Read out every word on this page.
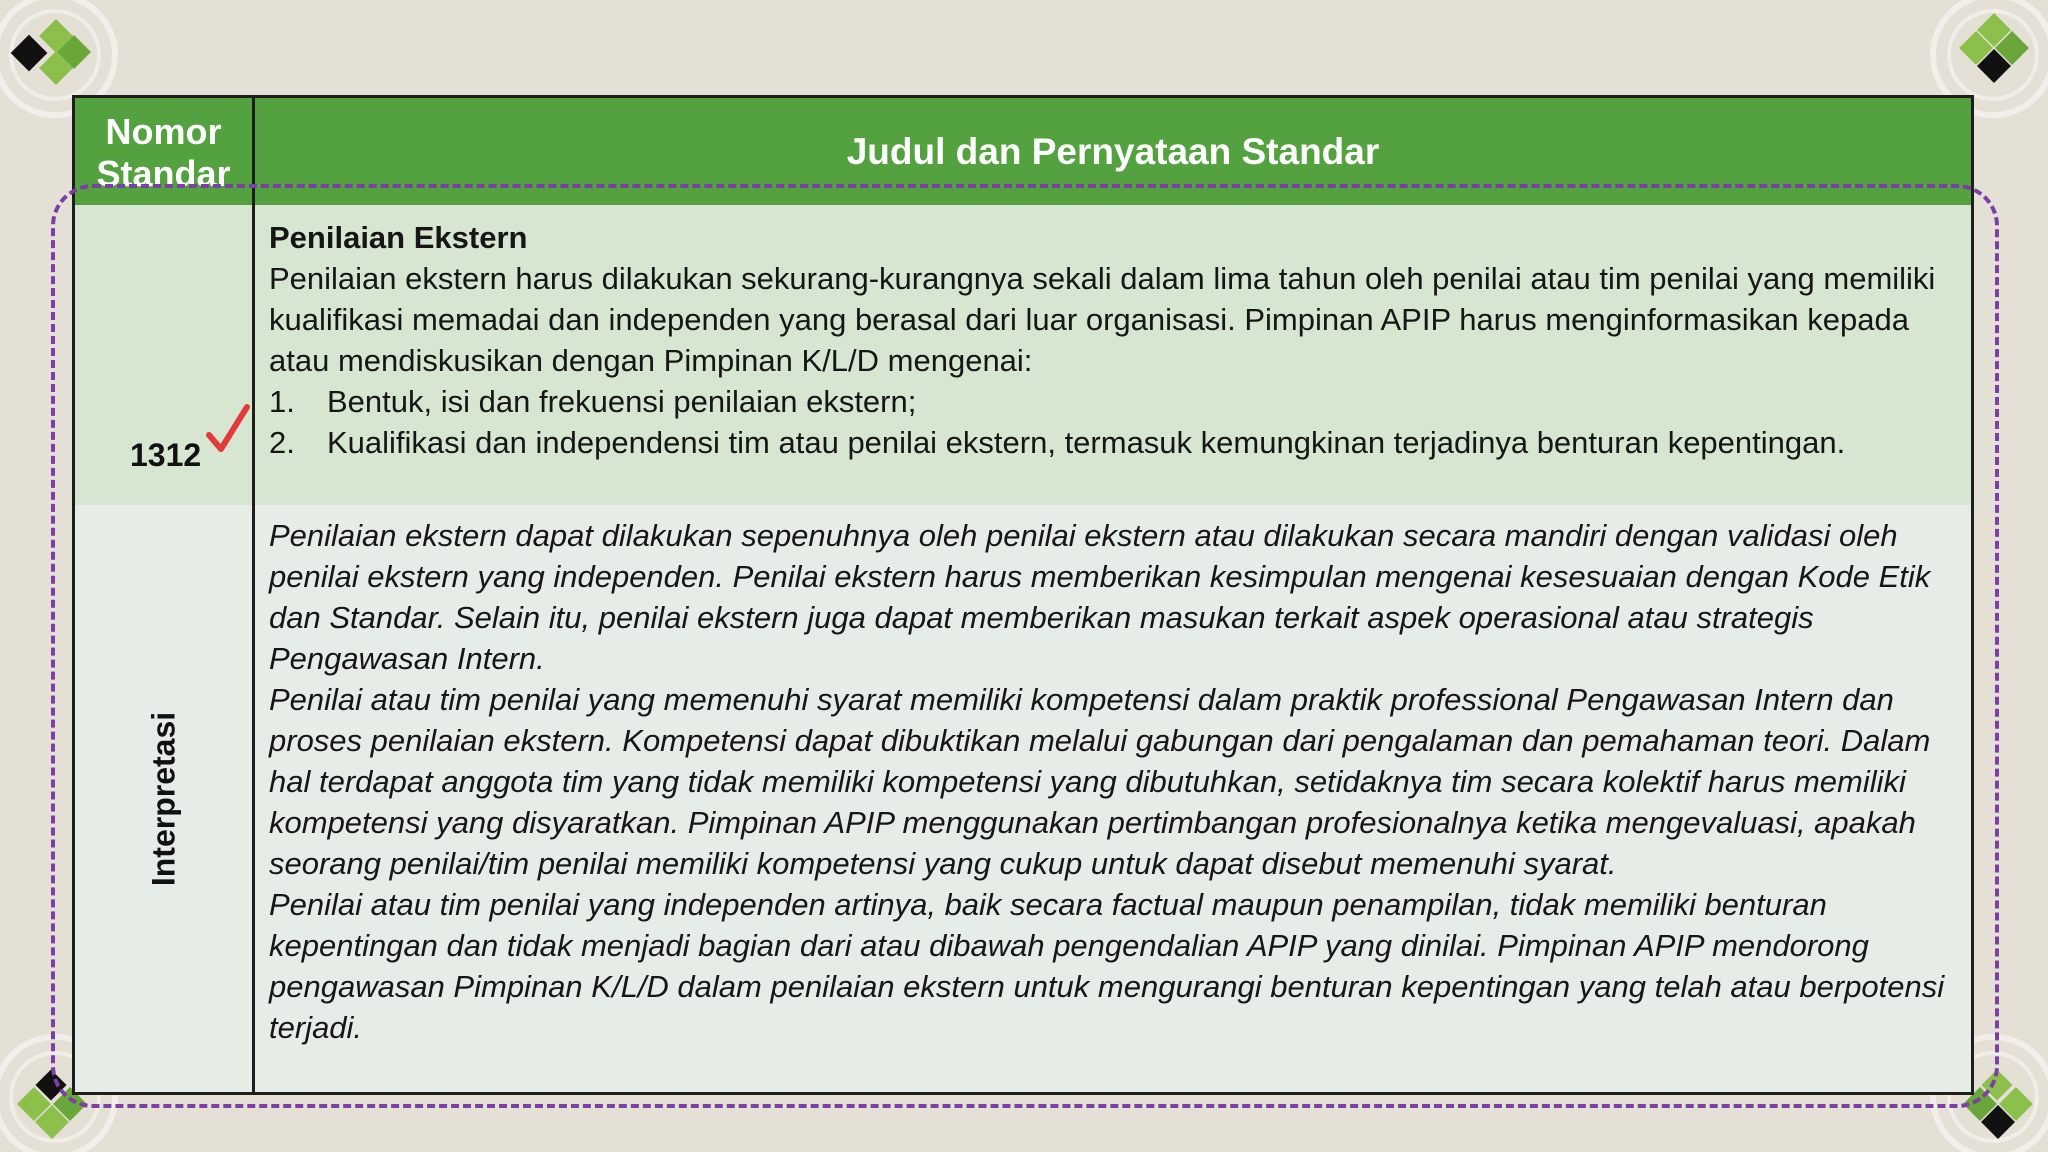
Nomor
Standar
Judul dan Pernyataan Standar
1312
Penilaian Ekstern
Penilaian ekstern harus dilakukan sekurang-kurangnya sekali dalam lima tahun oleh penilai atau tim penilai yang memiliki kualifikasi memadai dan independen yang berasal dari luar organisasi. Pimpinan APIP harus menginformasikan kepada atau mendiskusikan dengan Pimpinan K/L/D mengenai:
1. Bentuk, isi dan frekuensi penilaian ekstern;
2. Kualifikasi dan independensi tim atau penilai ekstern, termasuk kemungkinan terjadinya benturan kepentingan.
Interpretasi

Penilaian ekstern dapat dilakukan sepenuhnya oleh penilai ekstern atau dilakukan secara mandiri dengan validasi oleh penilai ekstern yang independen. Penilai ekstern harus memberikan kesimpulan mengenai kesesuaian dengan Kode Etik dan Standar. Selain itu, penilai ekstern juga dapat memberikan masukan terkait aspek operasional atau strategis Pengawasan Intern.

Penilai atau tim penilai yang memenuhi syarat memiliki kompetensi dalam praktik professional Pengawasan Intern dan proses penilaian ekstern. Kompetensi dapat dibuktikan melalui gabungan dari pengalaman dan pemahaman teori. Dalam hal terdapat anggota tim yang tidak memiliki kompetensi yang dibutuhkan, setidaknya tim secara kolektif harus memiliki kompetensi yang disyaratkan. Pimpinan APIP menggunakan pertimbangan profesionalnya ketika mengevaluasi, apakah seorang penilai/tim penilai memiliki kompetensi yang cukup untuk dapat disebut memenuhi syarat.

Penilai atau tim penilai yang independen artinya, baik secara factual maupun penampilan, tidak memiliki benturan kepentingan dan tidak menjadi bagian dari atau dibawah pengendalian APIP yang dinilai. Pimpinan APIP mendorong pengawasan Pimpinan K/L/D dalam penilaian ekstern untuk mengurangi benturan kepentingan yang telah atau berpotensi terjadi.
